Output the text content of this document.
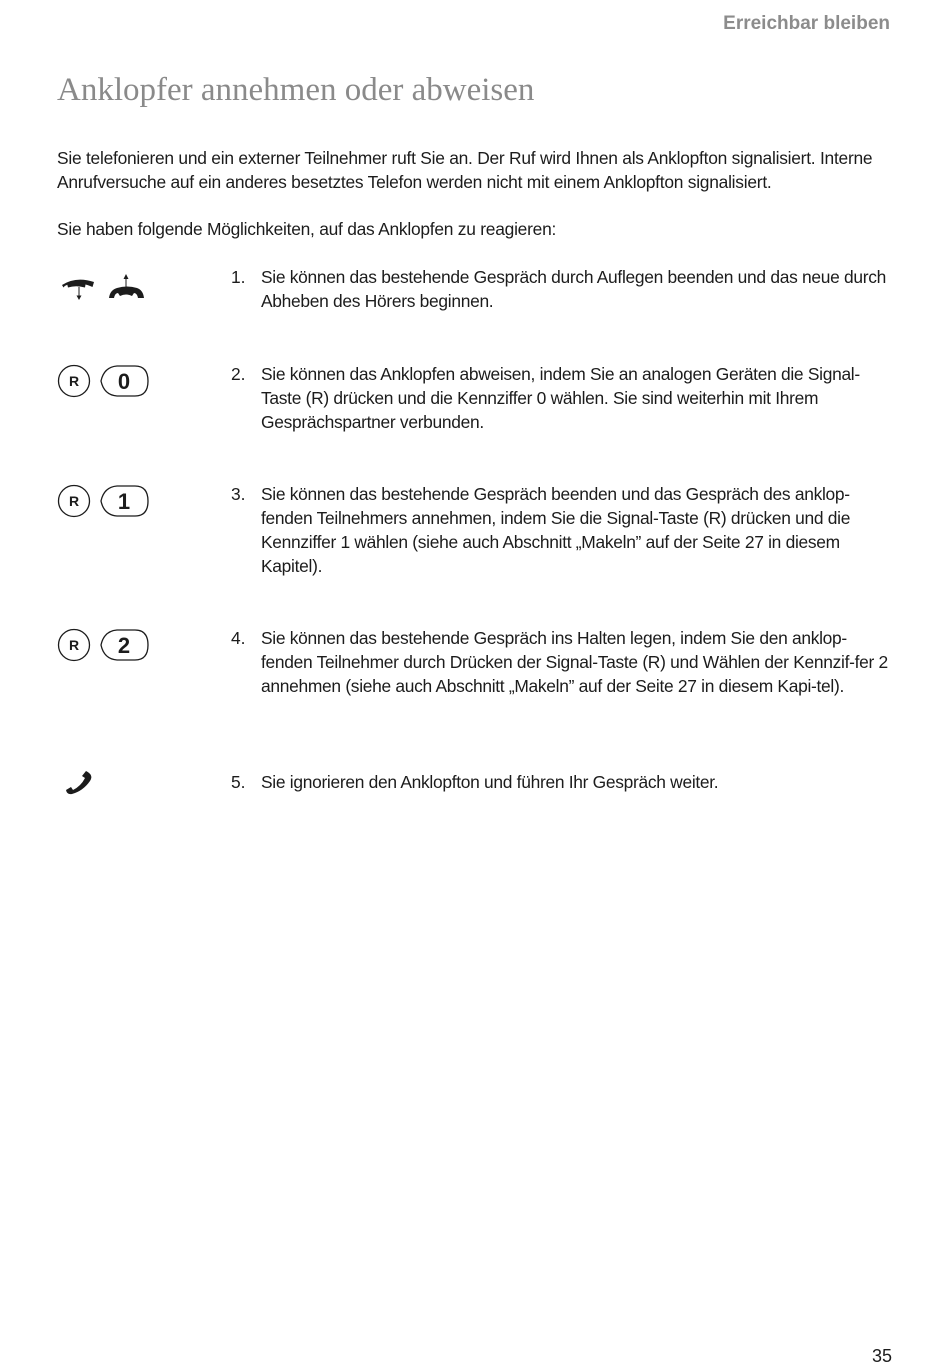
Erreichbar bleiben
Anklopfer annehmen oder abweisen

Sie telefonieren und ein externer Teilnehmer ruft Sie an. Der Ruf wird Ihnen als Anklopfton signalisiert. Interne Anrufversuche auf ein anderes besetztes Telefon werden nicht mit einem Anklopfton signalisiert.

Sie haben folgende Möglichkeiten, auf das Anklopfen zu reagieren:

1. Sie können das bestehende Gespräch durch Auflegen beenden und das neue durch Abheben des Hörers beginnen.

R 0	2. Sie können das Anklopfen abweisen, indem Sie an analogen Geräten die Signal-Taste (R) drücken und die Kennziffer 0 wählen. Sie sind weiterhin mit Ihrem Gesprächspartner verbunden.

R 1	3. Sie können das bestehende Gespräch beenden und das Gespräch des anklop-fenden Teilnehmers annehmen, indem Sie die Signal-Taste (R) drücken und die Kennziffer 1 wählen (siehe auch Abschnitt „Makeln” auf der Seite 27 in diesem Kapitel).

R 2	4. Sie können das bestehende Gespräch ins Halten legen, indem Sie den anklop-fenden Teilnehmer durch Drücken der Signal-Taste (R) und Wählen der Kennzif-fer 2 annehmen (siehe auch Abschnitt „Makeln” auf der Seite 27 in diesem Kapi-tel).

5. Sie ignorieren den Anklopfton und führen Ihr Gespräch weiter.

35
